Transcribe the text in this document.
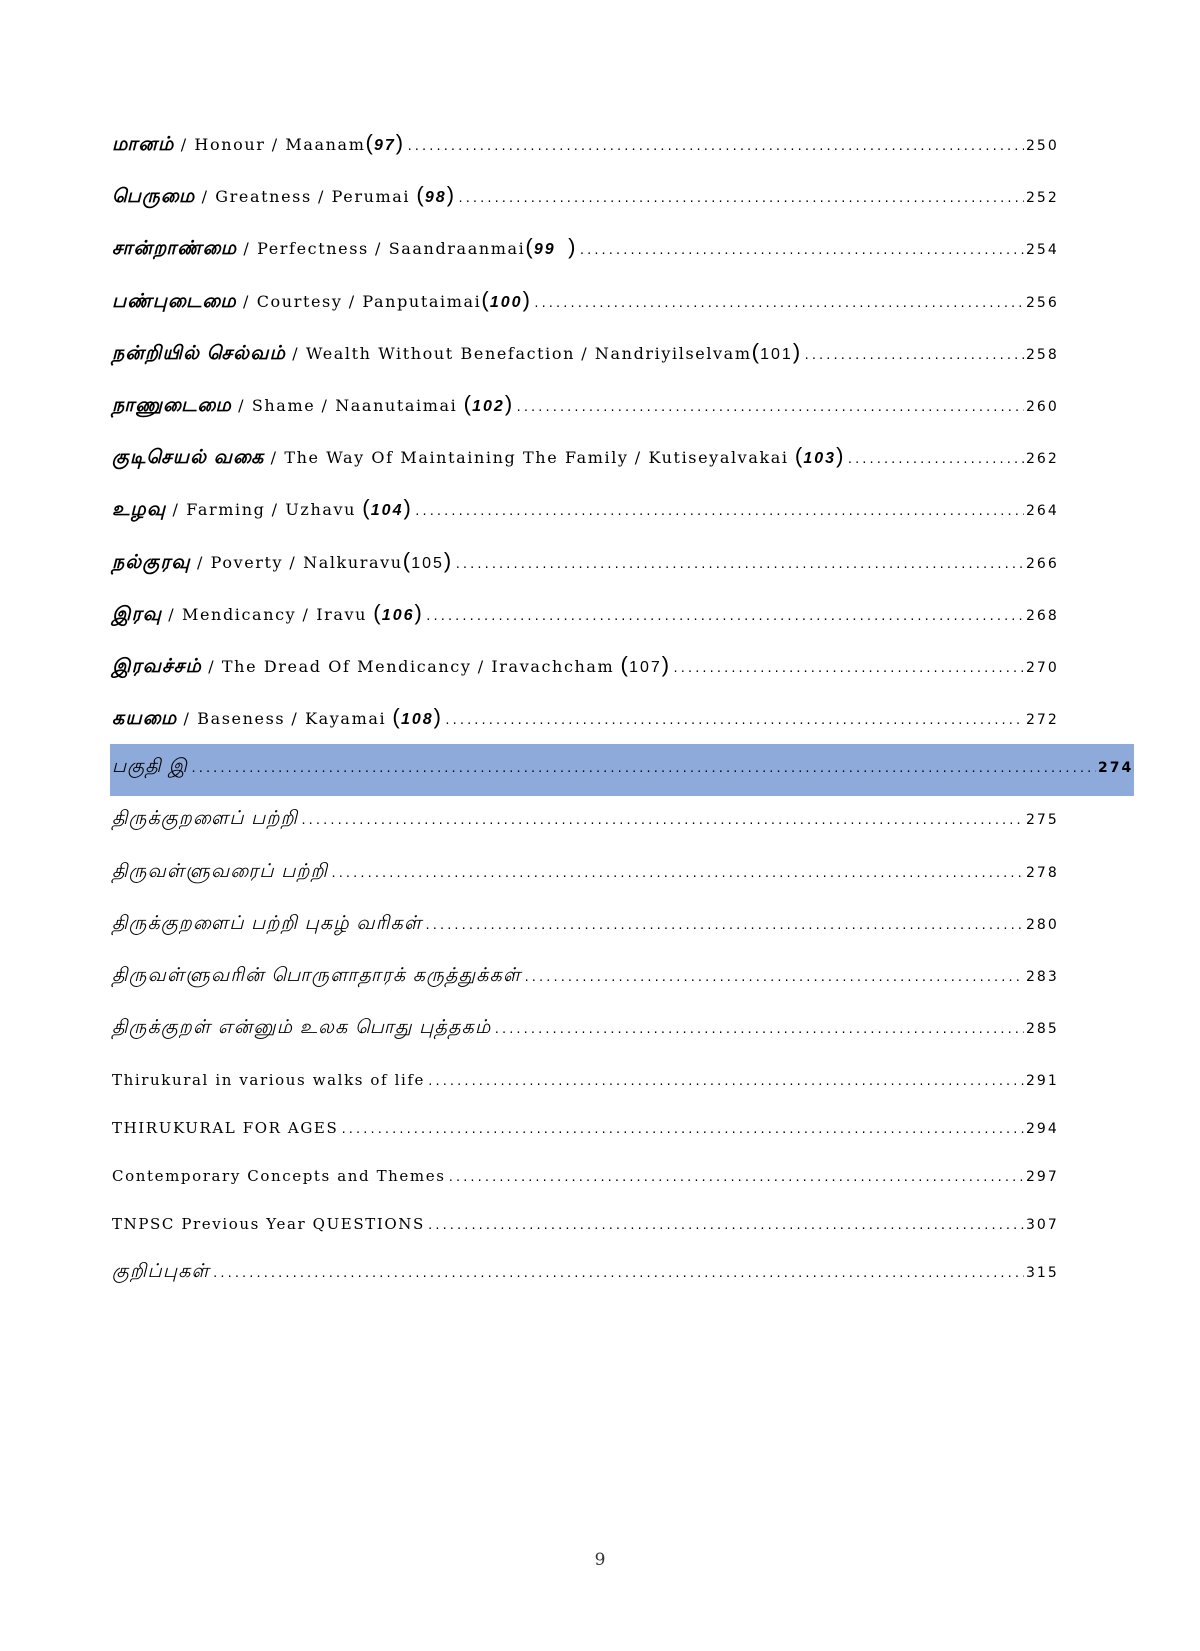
மானம் / Honour / Maanam(97) .....	250
பெருமை / Greatness / Perumai (98) .....	252
சான்றாண்மை / Perfectness / Saandraanmai(99 ) .....	254
பண்புடைமை / Courtesy / Panputaimai(100) .....	256
நன்றியில் செல்வம் / Wealth Without Benefaction / Nandriyilselvam(101) .....	258
நாணுடைமை / Shame / Naanutaimai (102) .....	260
குடிசெயல் வகை / The Way Of Maintaining The Family / Kutiseyalvakai (103) .....	262
உழவு / Farming / Uzhavu (104) .....	264
நல்குரவு / Poverty / Nalkuravu(105) .....	266
இரவு / Mendicancy / Iravu (106) .....	268
இரவச்சம் / The Dread Of Mendicancy / Iravachcham (107) .....	270
கயமை / Baseness / Kayamai (108) .....	272
பகுதி இ .....	274
திருக்குறளைப் பற்றி .....	275
திருவள்ளுவரைப் பற்றி .....	278
திருக்குறளைப் பற்றி புகழ் வரிகள் .....	280
திருவள்ளுவரின் பொருளாதாரக் கருத்துக்கள் .....	283
திருக்குறள் என்னும் உலக பொது புத்தகம் .....	285
Thirukural in various walks of life .....	291
THIRUKURAL FOR AGES .....	294
Contemporary Concepts and Themes .....	297
TNPSC Previous Year QUESTIONS .....	307
குறிப்புகள் .....	315
9
